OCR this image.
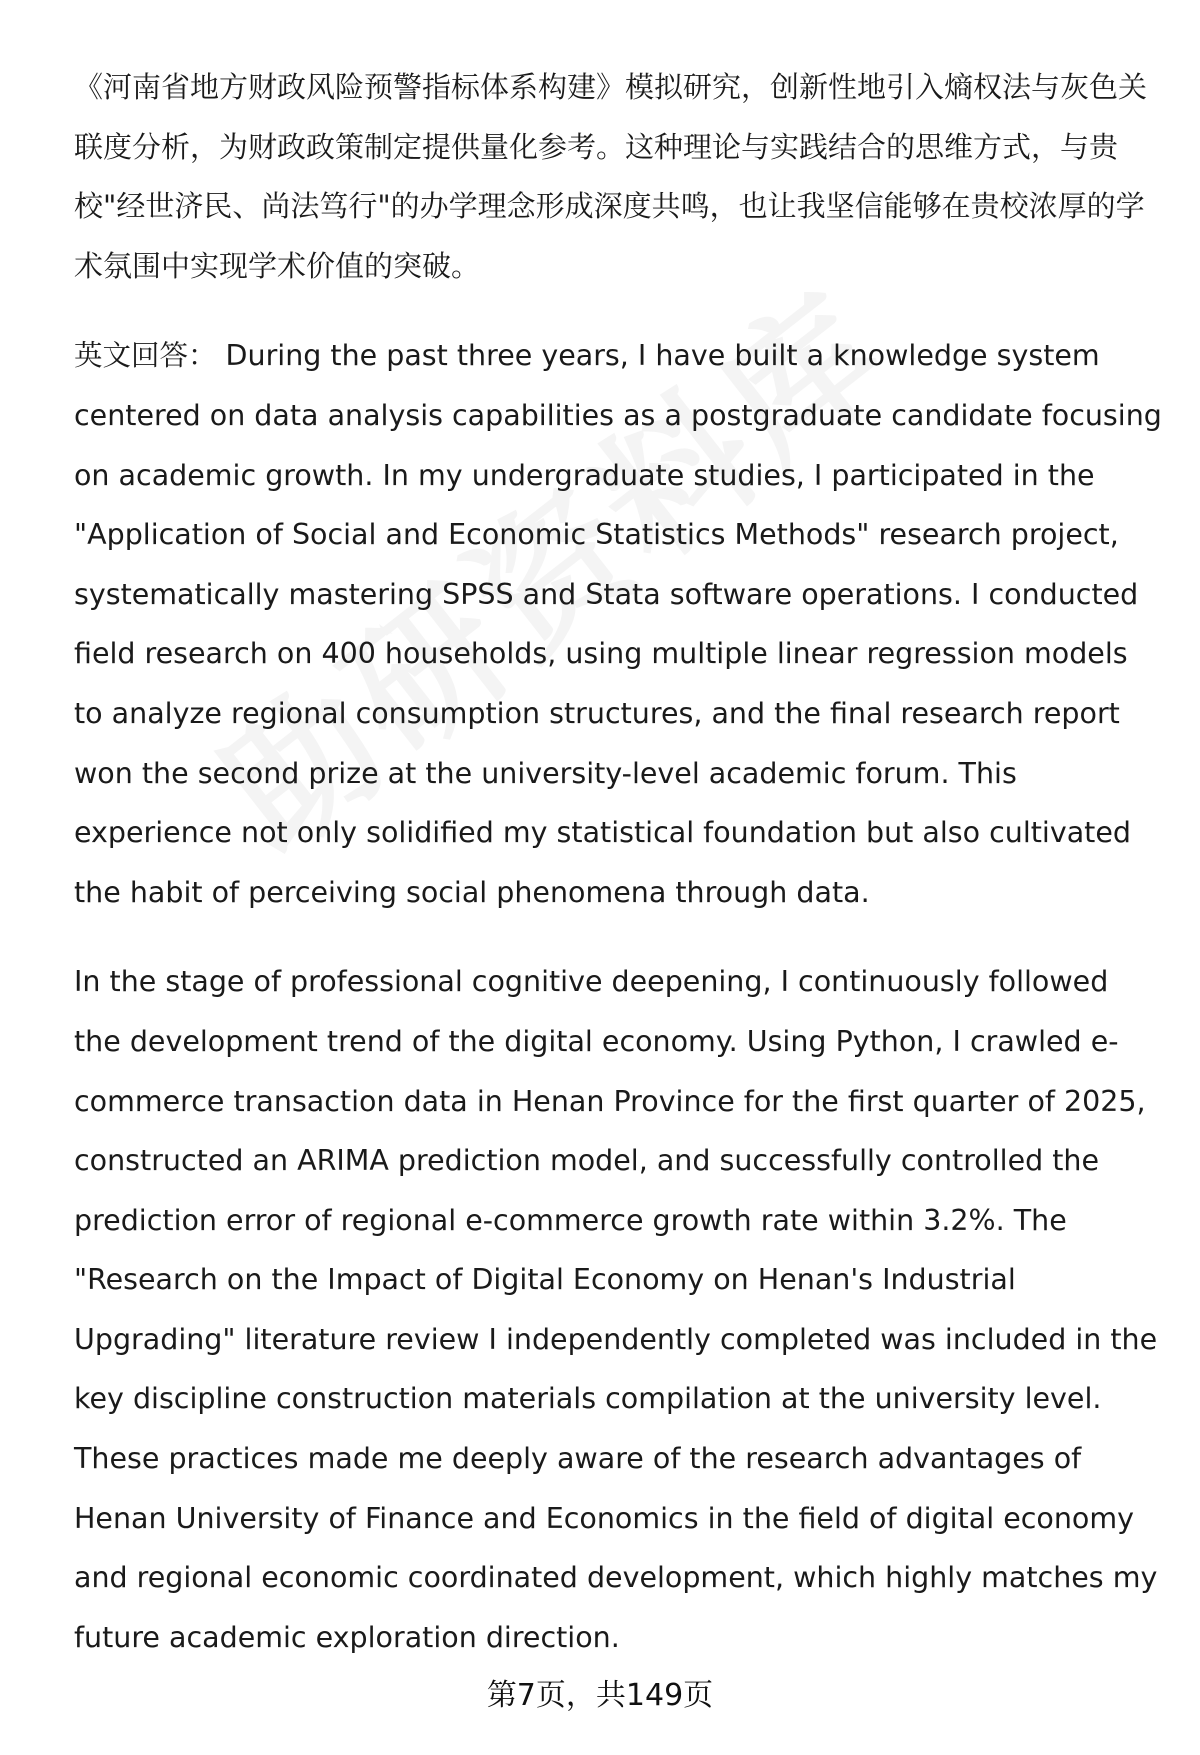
《河南省地方财政风险预警指标体系构建》模拟研究，创新性地引入熵权法与灰色关联度分析，为财政政策制定提供量化参考。这种理论与实践结合的思维方式，与贵校"经世济民、尚法笃行"的办学理念形成深度共鸣，也让我坚信能够在贵校浓厚的学术氛围中实现学术价值的突破。

英文回答： During the past three years, I have built a knowledge system centered on data analysis capabilities as a postgraduate candidate focusing on academic growth. In my undergraduate studies, I participated in the "Application of Social and Economic Statistics Methods" research project, systematically mastering SPSS and Stata software operations. I conducted field research on 400 households, using multiple linear regression models to analyze regional consumption structures, and the final research report won the second prize at the university-level academic forum. This experience not only solidified my statistical foundation but also cultivated the habit of perceiving social phenomena through data.

In the stage of professional cognitive deepening, I continuously followed the development trend of the digital economy. Using Python, I crawled e-commerce transaction data in Henan Province for the first quarter of 2025, constructed an ARIMA prediction model, and successfully controlled the prediction error of regional e-commerce growth rate within 3.2%. The "Research on the Impact of Digital Economy on Henan's Industrial Upgrading" literature review I independently completed was included in the key discipline construction materials compilation at the university level. These practices made me deeply aware of the research advantages of Henan University of Finance and Economics in the field of digital economy and regional economic coordinated development, which highly matches my future academic exploration direction.

第7页，共149页
